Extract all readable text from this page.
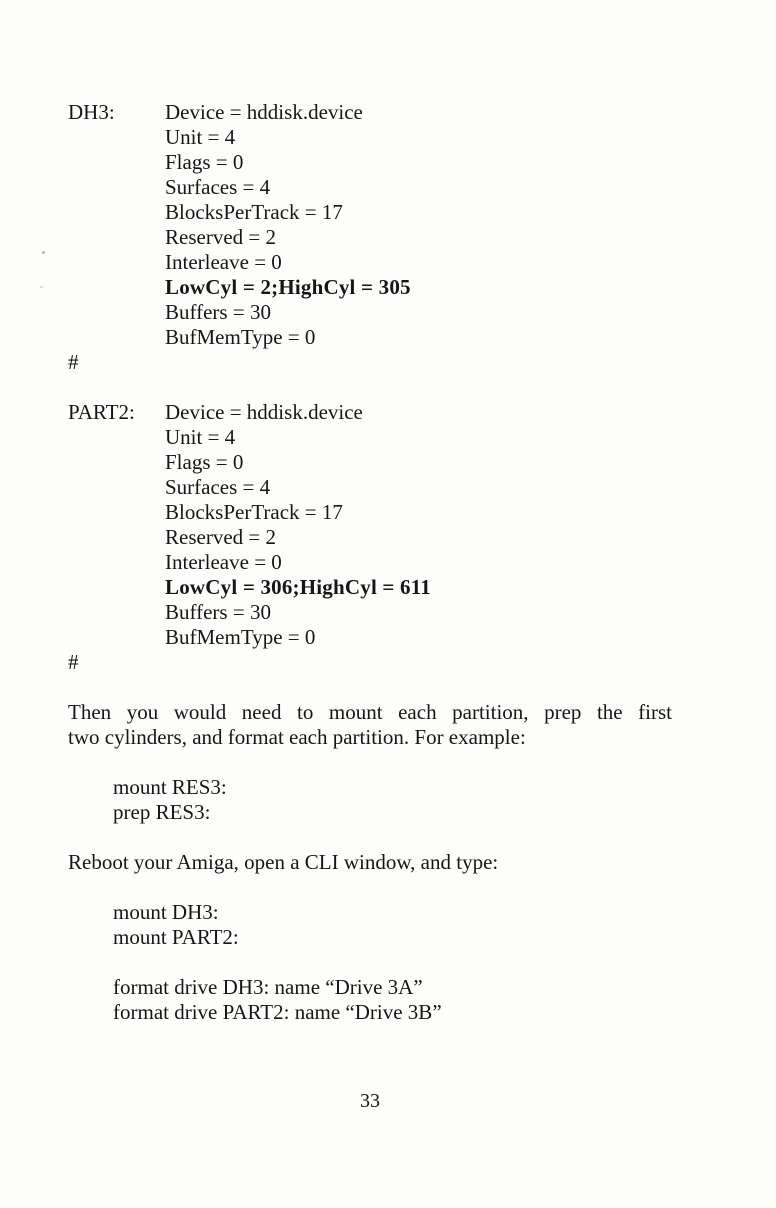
DH3:	Device = hddisk.device
Unit = 4
Flags = 0
Surfaces = 4
BlocksPerTrack = 17
Reserved = 2
Interleave = 0
LowCyl = 2;HighCyl = 305
Buffers = 30
BufMemType = 0
#
PART2:	Device = hddisk.device
Unit = 4
Flags = 0
Surfaces = 4
BlocksPerTrack = 17
Reserved = 2
Interleave = 0
LowCyl = 306;HighCyl = 611
Buffers = 30
BufMemType = 0
#
Then you would need to mount each partition, prep the first
two cylinders, and format each partition. For example:
mount RES3:
prep RES3:
Reboot your Amiga, open a CLI window, and type:
mount DH3:
mount PART2:
format drive DH3: name “Drive 3A”
format drive PART2: name “Drive 3B”
33
